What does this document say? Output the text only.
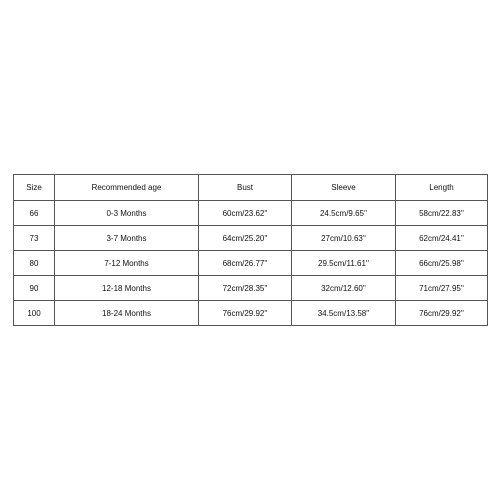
Size	Recommended age	Bust	Sleeve	Length
66	0-3 Months	60cm/23.62''	24.5cm/9.65''	58cm/22.83''
73	3-7 Months	64cm/25.20''	27cm/10.63''	62cm/24.41''
80	7-12 Months	68cm/26.77''	29.5cm/11.61''	66cm/25.98''
90	12-18 Months	72cm/28.35''	32cm/12.60''	71cm/27.95''
100	18-24 Months	76cm/29.92''	34.5cm/13.58''	76cm/29.92''
